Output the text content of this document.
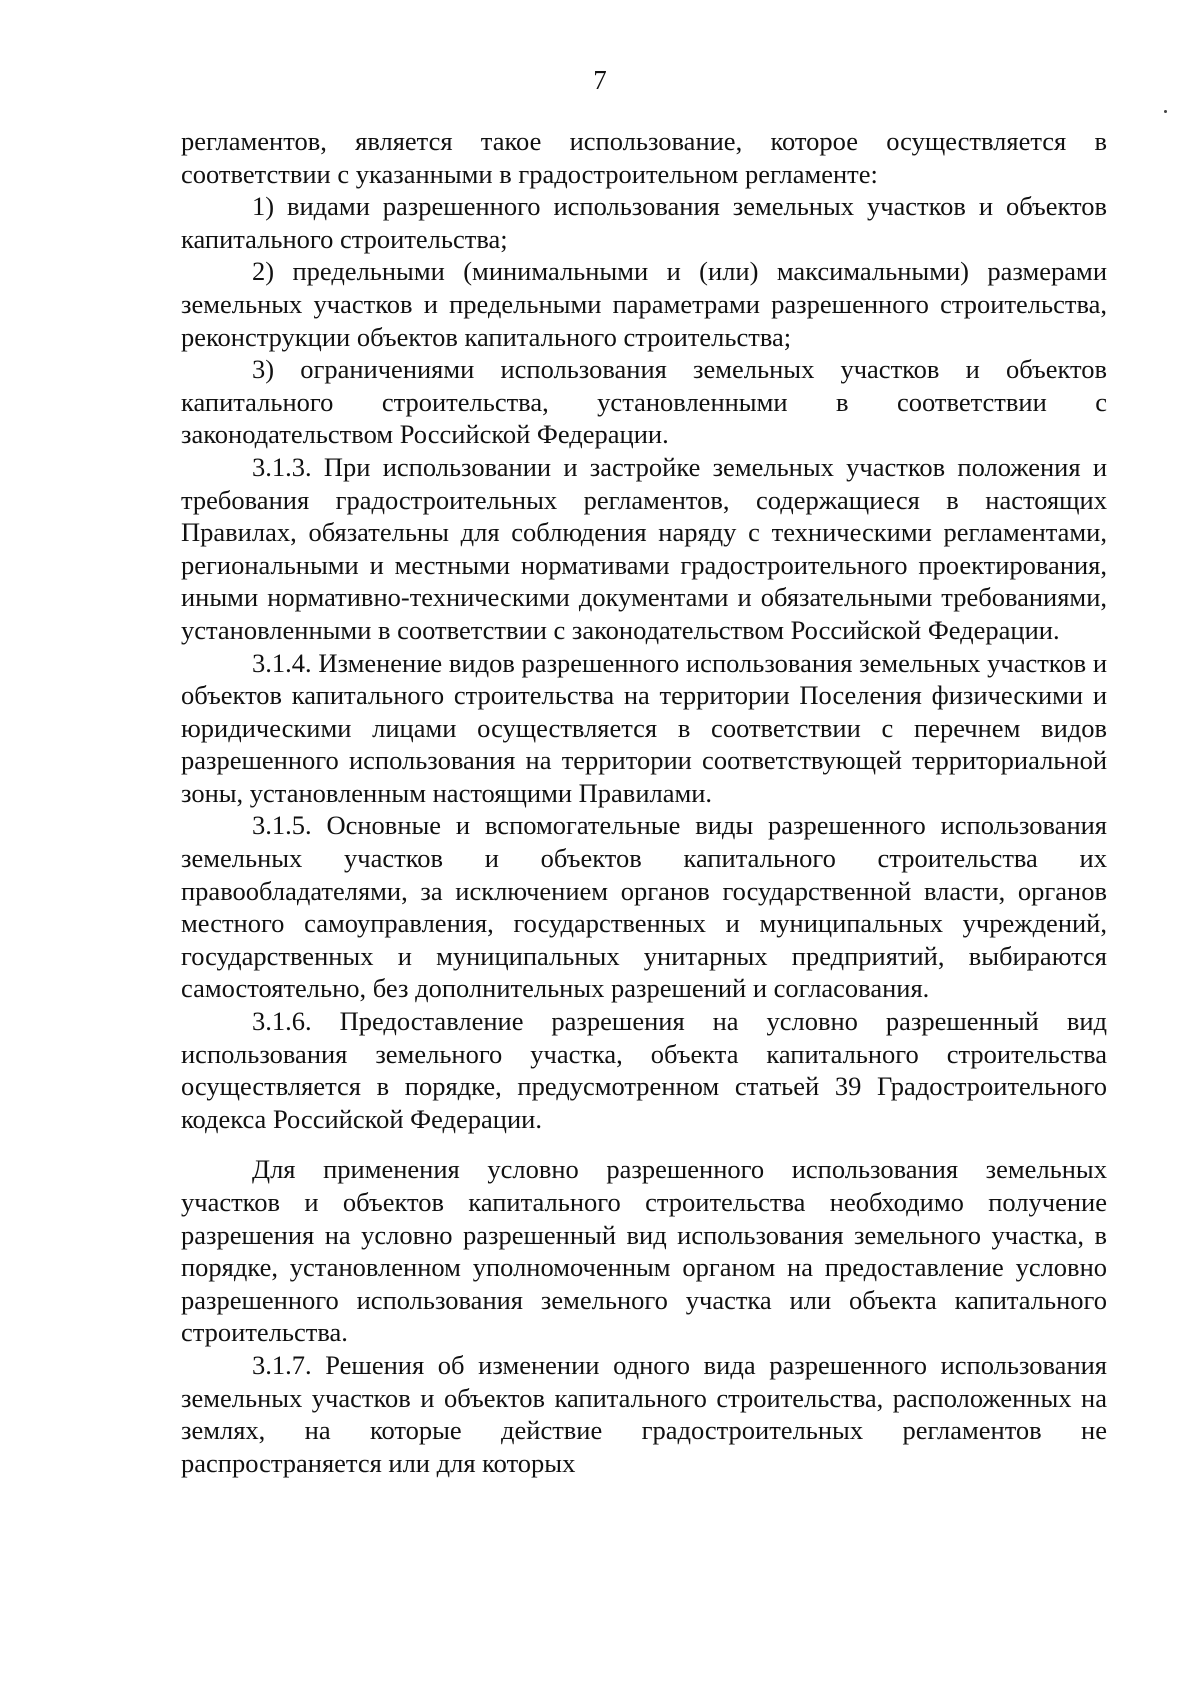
7

регламентов, является такое использование, которое осуществляется в соответствии с указанными в градостроительном регламенте:

1) видами разрешенного использования земельных участков и объектов капитального строительства;

2) предельными (минимальными и (или) максимальными) размерами земельных участков и предельными параметрами разрешенного строительства, реконструкции объектов капитального строительства;

3) ограничениями использования земельных участков и объектов капитального строительства, установленными в соответствии с законодательством Российской Федерации.

3.1.3. При использовании и застройке земельных участков положения и требования градостроительных регламентов, содержащиеся в настоящих Правилах, обязательны для соблюдения наряду с техническими регламентами, региональными и местными нормативами градостроительного проектирования, иными нормативно-техническими документами и обязательными требованиями, установленными в соответствии с законодательством Российской Федерации.

3.1.4. Изменение видов разрешенного использования земельных участков и объектов капитального строительства на территории Поселения физическими и юридическими лицами осуществляется в соответствии с перечнем видов разрешенного использования на территории соответствующей территориальной зоны, установленным настоящими Правилами.

3.1.5. Основные и вспомогательные виды разрешенного использования земельных участков и объектов капитального строительства их правообладателями, за исключением органов государственной власти, органов местного самоуправления, государственных и муниципальных учреждений, государственных и муниципальных унитарных предприятий, выбираются самостоятельно, без дополнительных разрешений и согласования.

3.1.6. Предоставление разрешения на условно разрешенный вид использования земельного участка, объекта капитального строительства осуществляется в порядке, предусмотренном статьей 39 Градостроительного кодекса Российской Федерации.

Для применения условно разрешенного использования земельных участков и объектов капитального строительства необходимо получение разрешения на условно разрешенный вид использования земельного участка, в порядке, установленном уполномоченным органом на предоставление условно разрешенного использования земельного участка или объекта капитального строительства.

3.1.7. Решения об изменении одного вида разрешенного использования земельных участков и объектов капитального строительства, расположенных на землях, на которые действие градостроительных регламентов не распространяется или для которых
